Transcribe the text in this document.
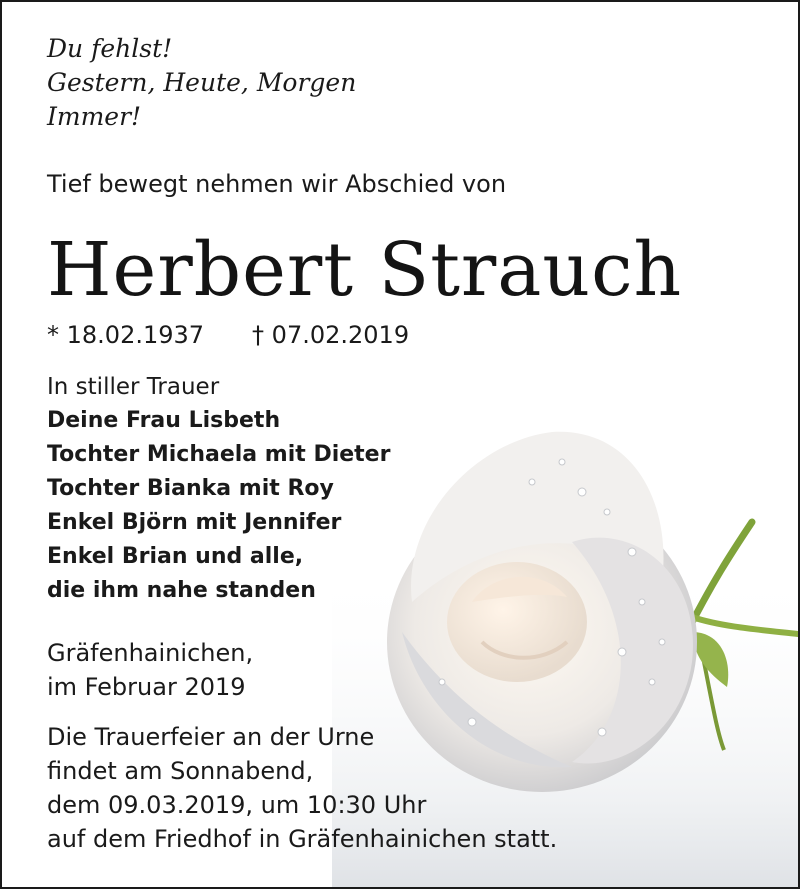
Du fehlst!
Gestern, Heute, Morgen
Immer!
Tief bewegt nehmen wir Abschied von
Herbert Strauch
* 18.02.1937 † 07.02.2019
In stiller Trauer
Deine Frau Lisbeth
Tochter Michaela mit Dieter
Tochter Bianka mit Roy
Enkel Björn mit Jennifer
Enkel Brian und alle,
die ihm nahe standen
Gräfenhainichen,
im Februar 2019
Die Trauerfeier an der Urne
findet am Sonnabend,
dem 09.03.2019, um 10:30 Uhr
auf dem Friedhof in Gräfenhainichen statt.
